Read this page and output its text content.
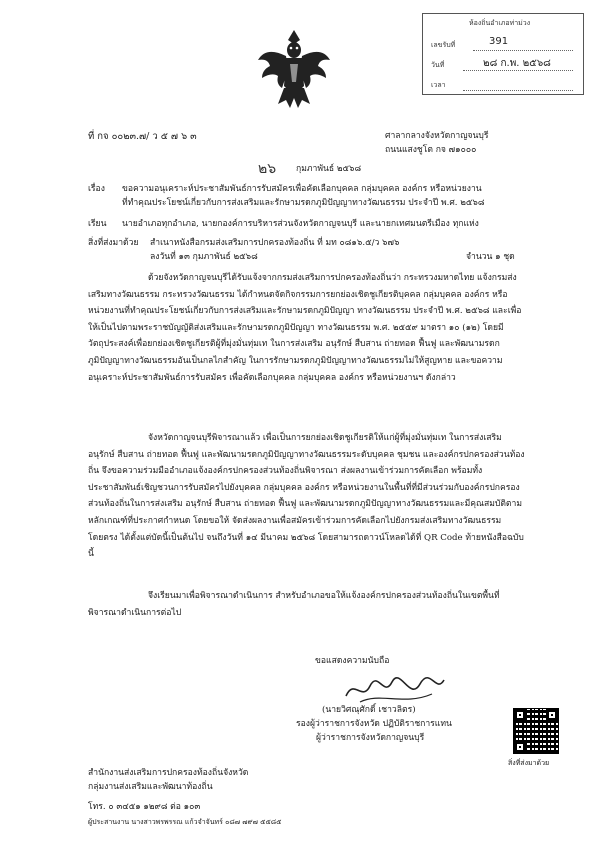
ห้องถิ่นอำเภอท่าม่วง
เลขรับที่	391
วันที่	๒๘ ก.พ. ๒๕๖๘
เวลา
ที่ กจ ๐๐๒๓.๗/ ว ๕ ๗ ๖ ๓	ศาลากลางจังหวัดกาญจนบุรี
ถนนแสงชูโต กจ ๗๑๐๐๐
๒๖ กุมภาพันธ์ ๒๕๖๘
เรื่อง ขอความอนุเคราะห์ประชาสัมพันธ์การรับสมัครเพื่อคัดเลือกบุคคล กลุ่มบุคคล องค์กร หรือหน่วยงาน
ที่ทำคุณประโยชน์เกี่ยวกับการส่งเสริมและรักษามรดกภูมิปัญญาทางวัฒนธรรม ประจำปี พ.ศ. ๒๕๖๘
เรียน นายอำเภอทุกอำเภอ, นายกองค์การบริหารส่วนจังหวัดกาญจนบุรี และนายกเทศมนตรีเมือง ทุกแห่ง
สิ่งที่ส่งมาด้วย สำเนาหนังสือกรมส่งเสริมการปกครองท้องถิ่น ที่ มท ๐๘๑๖.๕/ว ๖๗๖
ลงวันที่ ๑๓ กุมภาพันธ์ ๒๕๖๘	จำนวน ๑ ชุด
ด้วยจังหวัดกาญจนบุรีได้รับแจ้งจากกรมส่งเสริมการปกครองท้องถิ่นว่า กระทรวงมหาดไทย แจ้งกรมส่งเสริมทางวัฒนธรรม กระทรวงวัฒนธรรม ได้กำหนดจัดกิจกรรมการยกย่องเชิดชูเกียรติบุคคล กลุ่มบุคคล องค์กร หรือหน่วยงานที่ทำคุณประโยชน์เกี่ยวกับการส่งเสริมและรักษามรดกภูมิปัญญา ทางวัฒนธรรม ประจำปี พ.ศ. ๒๕๖๘ และเพื่อให้เป็นไปตามพระราชบัญญัติส่งเสริมและรักษามรดกภูมิปัญญา ทางวัฒนธรรม พ.ศ. ๒๕๕๙ มาตรา ๑๐ (๑๒) โดยมีวัตถุประสงค์เพื่อยกย่องเชิดชูเกียรติผู้ที่มุ่งมั่นทุ่มเท ในการส่งเสริม อนุรักษ์ สืบสาน ถ่ายทอด ฟื้นฟู และพัฒนามรดกภูมิปัญญาทางวัฒนธรรมอันเป็นกลไกสำคัญ ในการรักษามรดกภูมิปัญญาทางวัฒนธรรมไม่ให้สูญหาย และขอความอนุเคราะห์ประชาสัมพันธ์การรับสมัคร เพื่อคัดเลือกบุคคล กลุ่มบุคคล องค์กร หรือหน่วยงานฯ ดังกล่าว
จังหวัดกาญจนบุรีพิจารณาแล้ว เพื่อเป็นการยกย่องเชิดชูเกียรติให้แก่ผู้ที่มุ่งมั่นทุ่มเท ในการส่งเสริม อนุรักษ์ สืบสาน ถ่ายทอด ฟื้นฟู และพัฒนามรดกภูมิปัญญาทางวัฒนธรรมระดับบุคคล ชุมชน และองค์กรปกครองส่วนท้องถิ่น จึงขอความร่วมมืออำเภอแจ้งองค์กรปกครองส่วนท้องถิ่นพิจารณา ส่งผลงานเข้าร่วมการคัดเลือก พร้อมทั้งประชาสัมพันธ์เชิญชวนการรับสมัครไปยังบุคคล กลุ่มบุคคล องค์กร หรือหน่วยงานในพื้นที่ที่มีส่วนร่วมกับองค์กรปกครองส่วนท้องถิ่นในการส่งเสริม อนุรักษ์ สืบสาน ถ่ายทอด ฟื้นฟู และพัฒนามรดกภูมิปัญญาทางวัฒนธรรมและมีคุณสมบัติตามหลักเกณฑ์ที่ประกาศกำหนด โดยขอให้ จัดส่งผลงานเพื่อสมัครเข้าร่วมการคัดเลือกไปยังกรมส่งเสริมทางวัฒนธรรมโดยตรง ได้ตั้งแต่บัดนี้เป็นต้นไป จนถึงวันที่ ๑๔ มีนาคม ๒๕๖๘ โดยสามารถดาวน์โหลดได้ที่ QR Code ท้ายหนังสือฉบับนี้
จึงเรียนมาเพื่อพิจารณาดำเนินการ สำหรับอำเภอขอให้แจ้งองค์กรปกครองส่วนท้องถิ่นในเขตพื้นที่ พิจารณาดำเนินการต่อไป
ขอแสดงความนับถือ
(นายวิศณุศักดิ์ เชาวลิตร)
รองผู้ว่าราชการจังหวัด ปฏิบัติราชการแทน
ผู้ว่าราชการจังหวัดกาญจนบุรี
สำนักงานส่งเสริมการปกครองท้องถิ่นจังหวัด
กลุ่มงานส่งเสริมและพัฒนาท้องถิ่น
โทร. ๐ ๓๔๕๑ ๑๒๙๘ ต่อ ๑๐๓
ผู้ประสานงาน นางสาวพรพรรณ แก้วจำจันทร์ ๐๘๗ ๗๙๗ ๕๕๘๕
สิ่งที่ส่งมาด้วย
